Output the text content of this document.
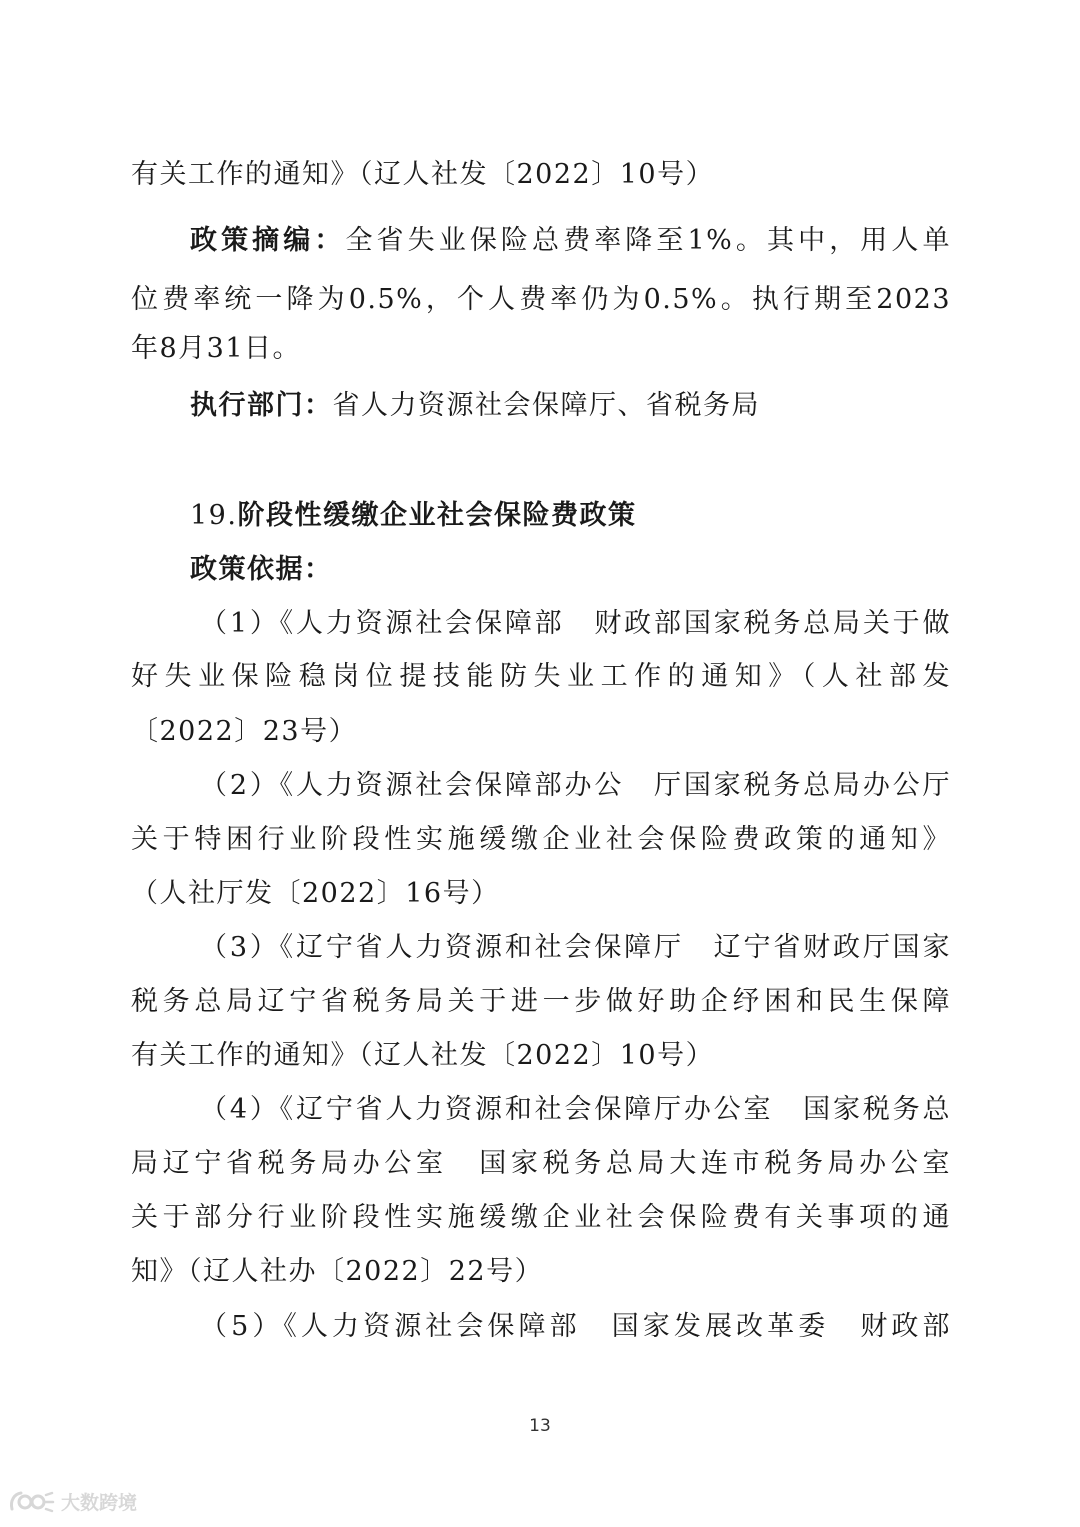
有关工作的通知》（辽人社发〔2022〕10号）
政策摘编：全省失业保险总费率降至1%。其中，用人单
位费率统一降为0.5%，个人费率仍为0.5%。执行期至2023
年8月31日。
执行部门：省人力资源社会保障厅、省税务局
19.阶段性缓缴企业社会保险费政策
政策依据：
（1）《人力资源社会保障部　财政部国家税务总局关于做
好失业保险稳岗位提技能防失业工作的通知》（人社部发
〔2022〕23号）
（2）《人力资源社会保障部办公　厅国家税务总局办公厅
关于特困行业阶段性实施缓缴企业社会保险费政策的通知》
（人社厅发〔2022〕16号）
（3）《辽宁省人力资源和社会保障厅　辽宁省财政厅国家
税务总局辽宁省税务局关于进一步做好助企纾困和民生保障
有关工作的通知》（辽人社发〔2022〕10号）
（4）《辽宁省人力资源和社会保障厅办公室　国家税务总
局辽宁省税务局办公室　国家税务总局大连市税务局办公室
关于部分行业阶段性实施缓缴企业社会保险费有关事项的通
知》（辽人社办〔2022〕22号）
（5）《人力资源社会保障部　国家发展改革委　财政部
13
大数跨境
